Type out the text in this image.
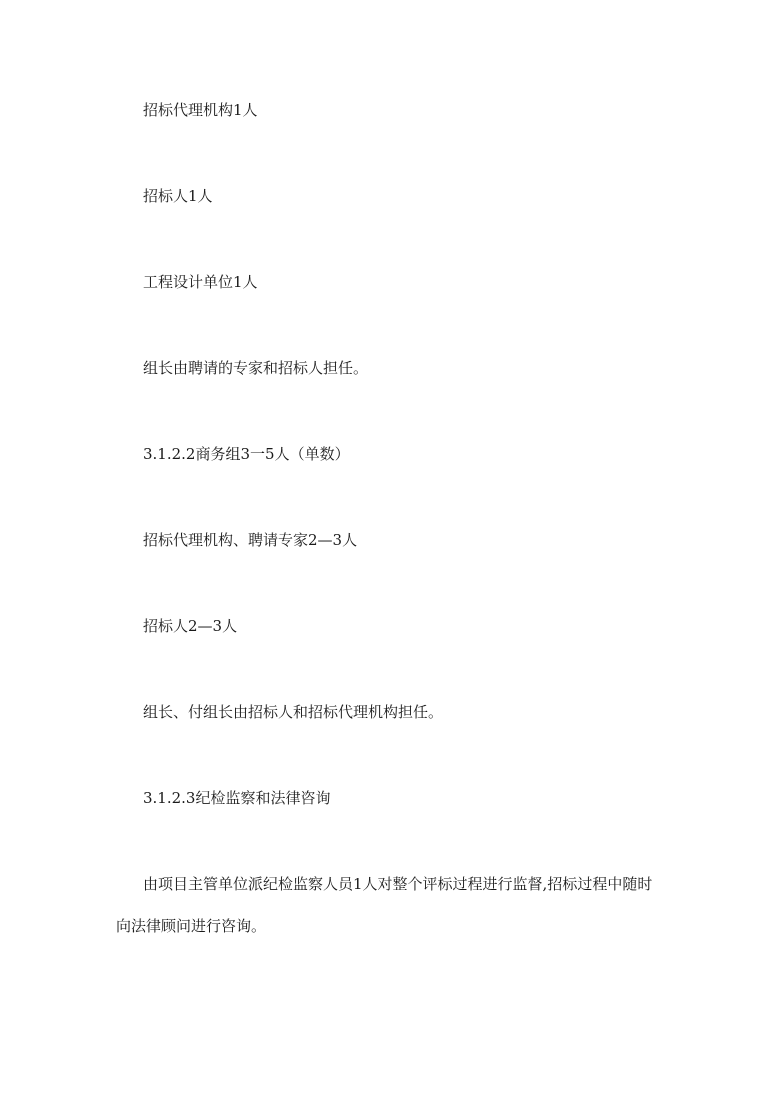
招标代理机构1人
招标人1人
工程设计单位1人
组长由聘请的专家和招标人担任。
3.1.2.2商务组3一5人（单数）
招标代理机构、聘请专家2—3人
招标人2—3人
组长、付组长由招标人和招标代理机构担任。
3.1.2.3纪检监察和法律咨询
由项目主管单位派纪检监察人员1人对整个评标过程进行监督,招标过程中随时
向法律顾问进行咨询。
